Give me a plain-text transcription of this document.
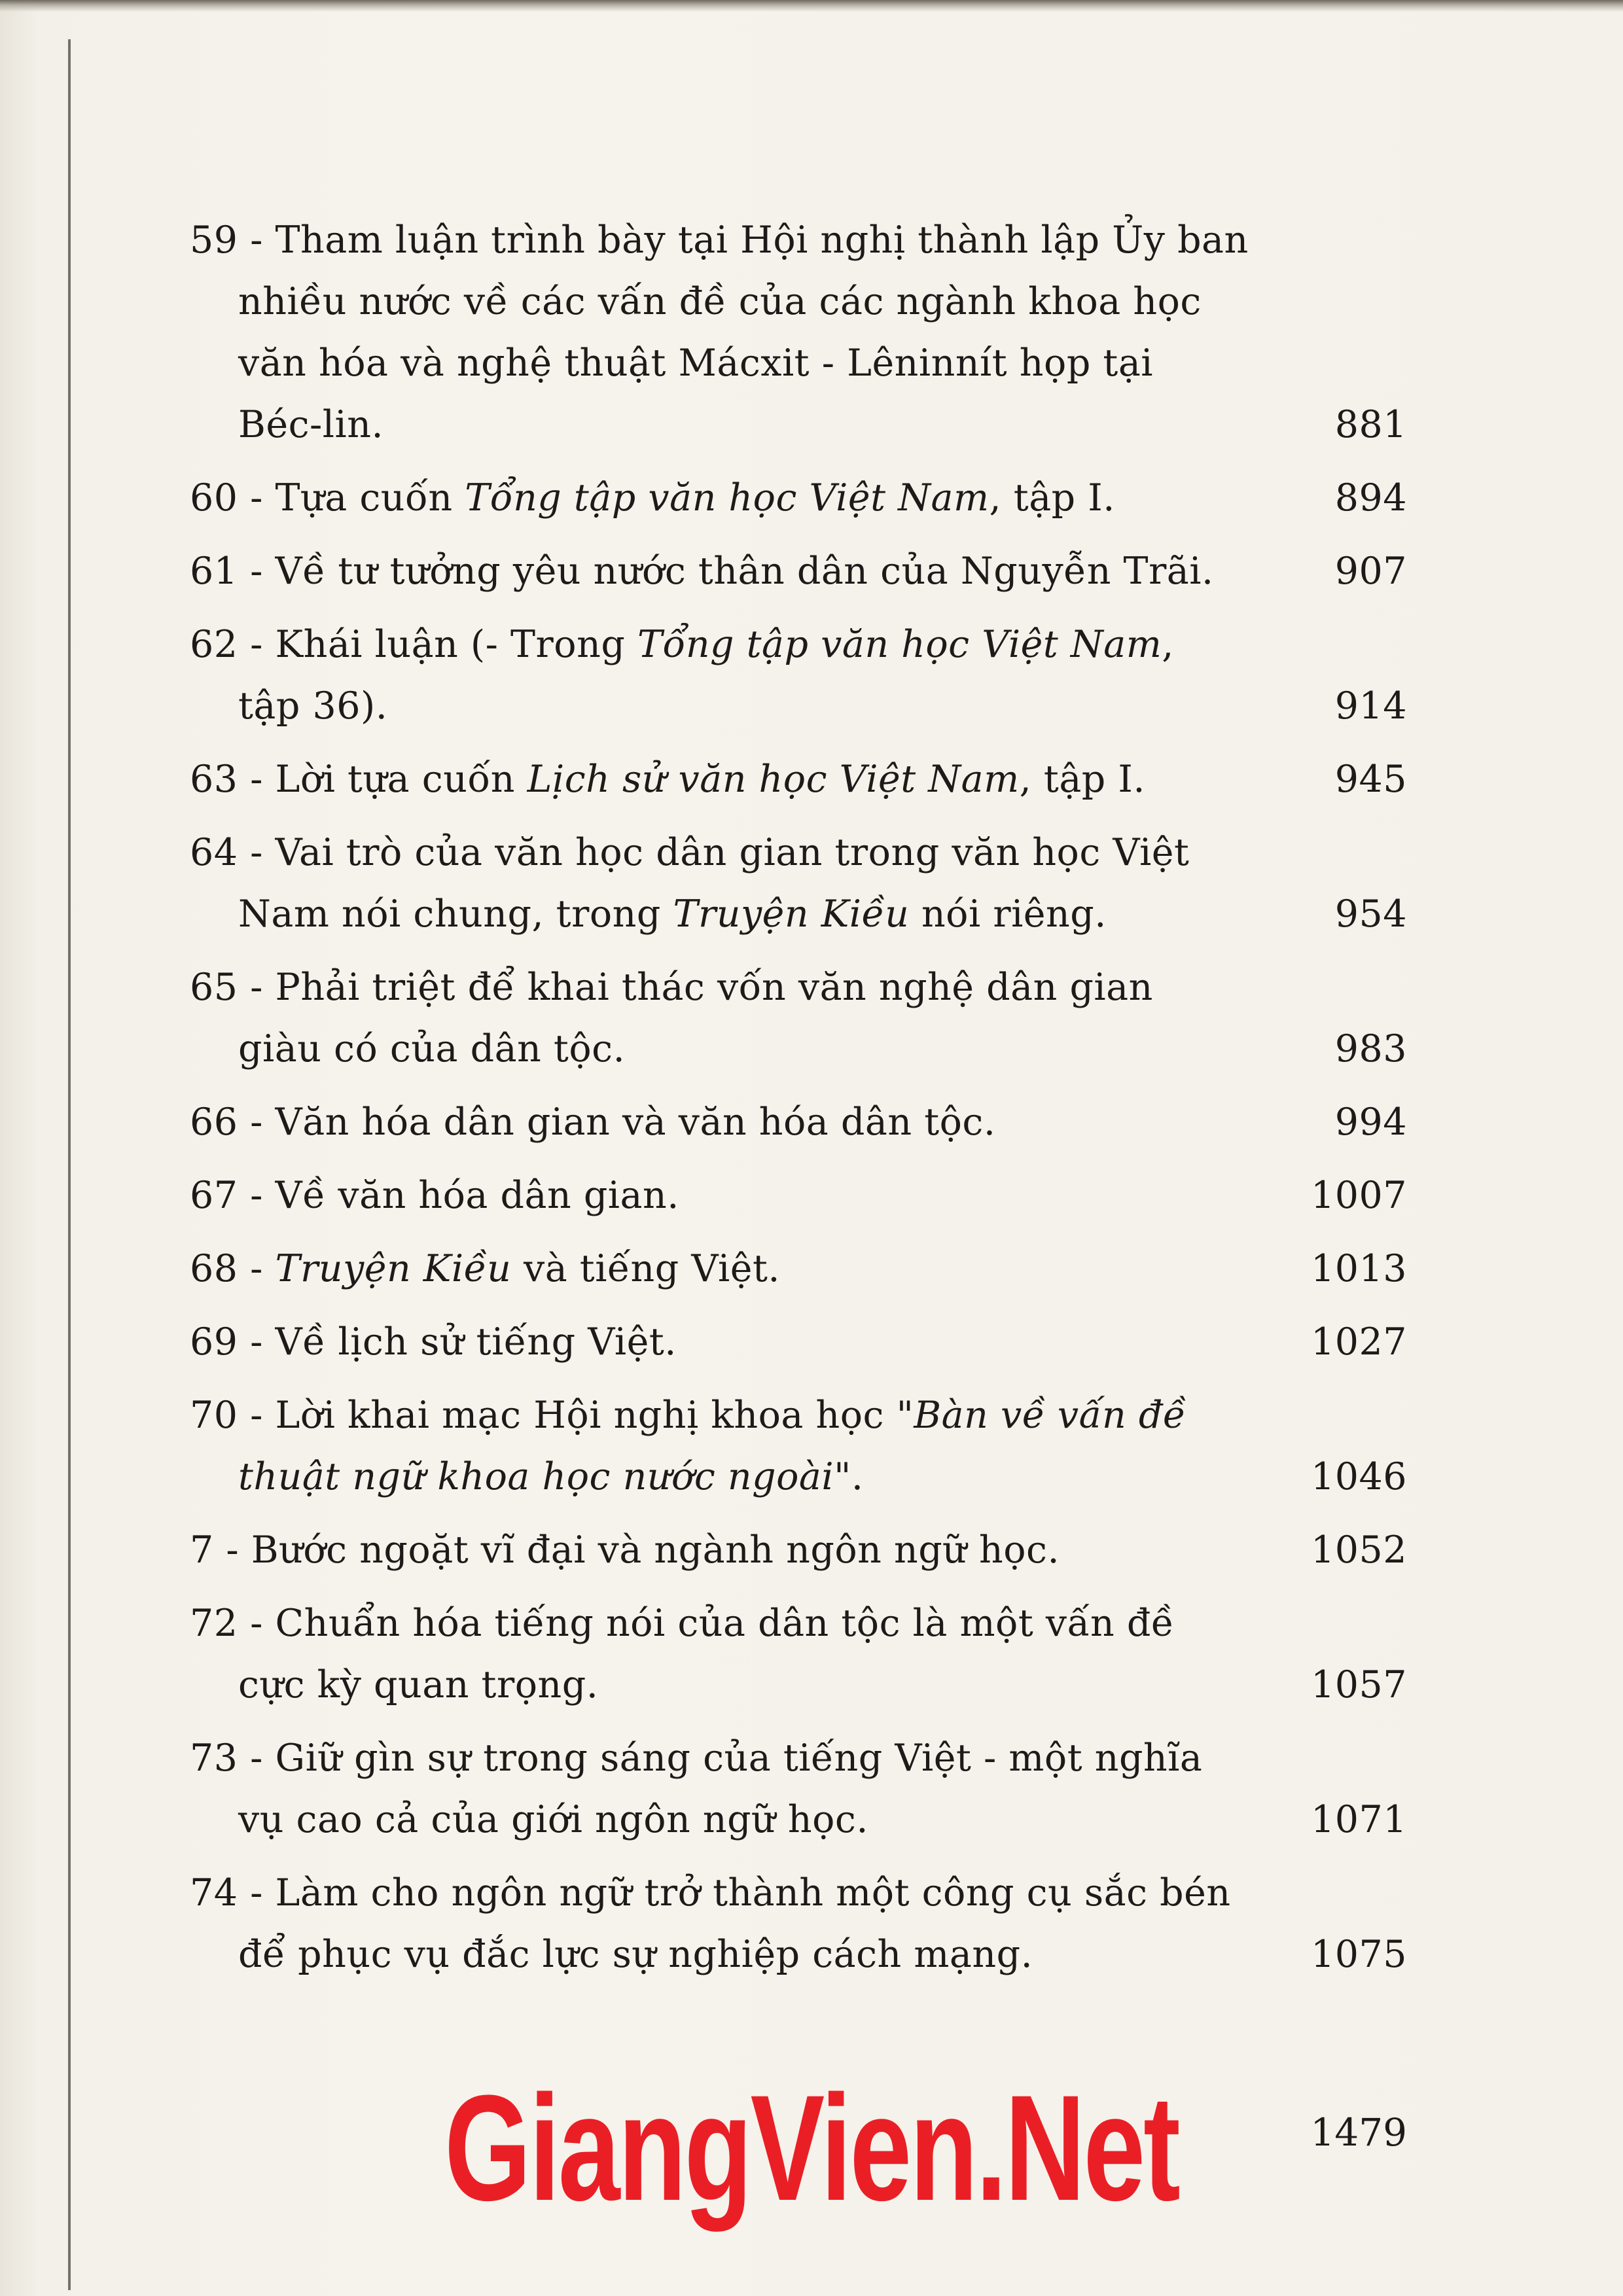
59 - Tham luận trình bày tại Hội nghị thành lập Ủy ban
nhiều nước về các vấn đề của các ngành khoa học
văn hóa và nghệ thuật Mácxit - Lêninnít họp tại
Béc-lin.	881
60 - Tựa cuốn Tổng tập văn học Việt Nam, tập I.	894
61 - Về tư tưởng yêu nước thân dân của Nguyễn Trãi.	907
62 - Khái luận (- Trong Tổng tập văn học Việt Nam,
tập 36).	914
63 - Lời tựa cuốn Lịch sử văn học Việt Nam, tập I.	945
64 - Vai trò của văn học dân gian trong văn học Việt
Nam nói chung, trong Truyện Kiều nói riêng.	954
65 - Phải triệt để khai thác vốn văn nghệ dân gian
giàu có của dân tộc.	983
66 - Văn hóa dân gian và văn hóa dân tộc.	994
67 - Về văn hóa dân gian.	1007
68 - Truyện Kiều và tiếng Việt.	1013
69 - Về lịch sử tiếng Việt.	1027
70 - Lời khai mạc Hội nghị khoa học "Bàn về vấn đề
thuật ngữ khoa học nước ngoài".	1046
7 - Bước ngoặt vĩ đại và ngành ngôn ngữ học.	1052
72 - Chuẩn hóa tiếng nói của dân tộc là một vấn đề
cực kỳ quan trọng.	1057
73 - Giữ gìn sự trong sáng của tiếng Việt - một nghĩa
vụ cao cả của giới ngôn ngữ học.	1071
74 - Làm cho ngôn ngữ trở thành một công cụ sắc bén
để phục vụ đắc lực sự nghiệp cách mạng.	1075
GiangVien.Net	1479
